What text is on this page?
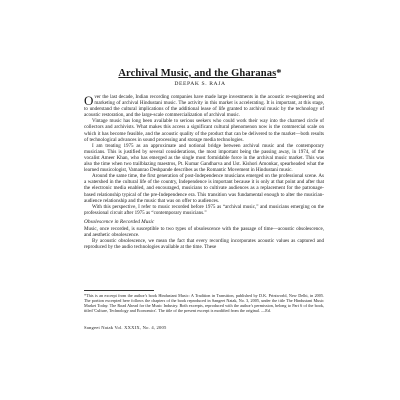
Archival Music, and the Gharanas*
DEEPAK S. RAJA

Over the last decade, Indian recording companies have made large investments in the acoustic re-engineering and marketing of archival Hindustani music. The activity in this market is accelerating. It is important, at this stage, to understand the cultural implications of the additional lease of life granted to archival music by the technology of acoustic restoration, and the large-scale commercialization of archival music.

Vintage music has long been available to serious seekers who could work their way into the charmed circle of collectors and archivists. What makes this access a significant cultural phenomenon now is the commercial scale on which it has become feasible, and the acoustic quality of the product that can be delivered to the market—both results of technological advances in sound processing and storage media technologies.

I am treating 1975 as an approximate and notional bridge between archival music and the contemporary musicians. This is justified by several considerations, the most important being the passing away, in 1974, of the vocalist Ameer Khan, who has emerged as the single most formidable force in the archival music market. This was also the time when two trailblazing maestros, Pt. Kumar Gandharva and Ust. Kishori Amonkar, spearheaded what the learned musicologist, Vamanrao Deshpande describes as the Romantic Movement in Hindustani music.

Around the same time, the first generation of post-Independence musicians emerged on the professional scene. As a watershed in the cultural life of the country, Independence is important because it is only at that point and after that the electronic media enabled, and encouraged, musicians to cultivate audiences as a replacement for the patronage-based relationship typical of the pre-Independence era. This transition was fundamental enough to alter the musician-audience relationship and the music that was on offer to audiences.

With this perspective, I refer to music recorded before 1975 as “archival music,” and musicians emerging on the professional circuit after 1975 as “contemporary musicians.”

Obsolescence in Recorded Music

Music, once recorded, is susceptible to two types of obsolescence with the passage of time—acoustic obsolescence, and aesthetic obsolescence.

By acoustic obsolescence, we mean the fact that every recording incorporates acoustic values as captured and reproduced by the audio technologies available at the time. These

*This is an excerpt from the author's book Hindustani Music: A Tradition in Transition, published by D.K. Printworld, New Delhi, in 2005. The portion excerpted here follows the chapters of the book reproduced in Sangeet Natak, No. 3, 2005, under the title The Hindustani Music Market Today. The Road Ahead for the Music Industry. Both excerpts, reproduced with the author's permission, belong to Part 6 of the book, titled 'Culture, Technology and Economics'. The title of the present excerpt is modified from the original. —Ed.
Sangeet Natak Vol. XXXIX, No. 4, 2005
